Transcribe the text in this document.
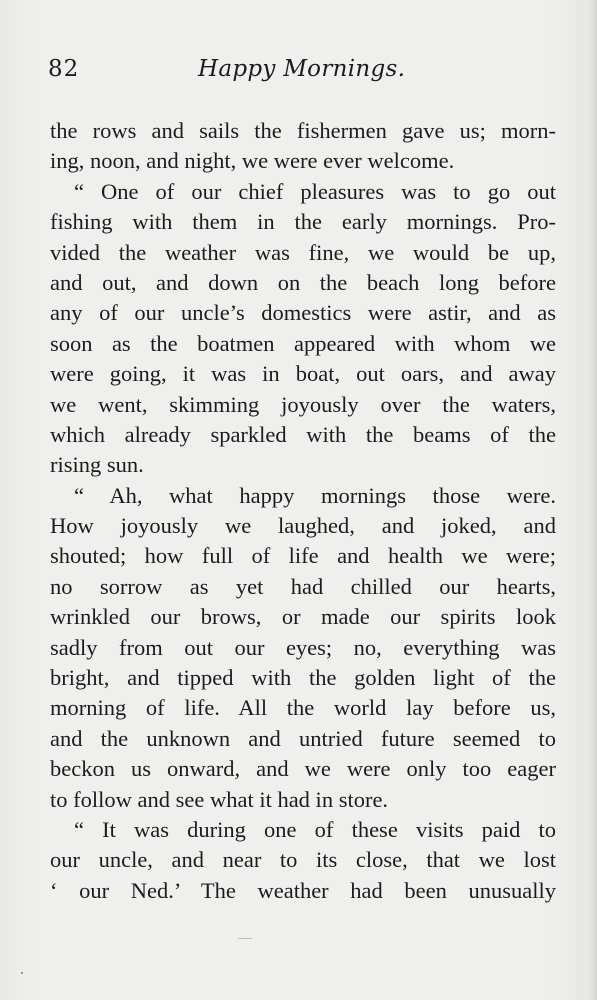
82	Happy Mornings.
the rows and sails the fishermen gave us; morn-
ing, noon, and night, we were ever welcome.
“ One of our chief pleasures was to go out
fishing with them in the early mornings. Pro-
vided the weather was fine, we would be up,
and out, and down on the beach long before
any of our uncle’s domestics were astir, and as
soon as the boatmen appeared with whom we
were going, it was in boat, out oars, and away
we went, skimming joyously over the waters,
which already sparkled with the beams of the
rising sun.
“ Ah, what happy mornings those were.
How joyously we laughed, and joked, and
shouted; how full of life and health we were;
no sorrow as yet had chilled our hearts,
wrinkled our brows, or made our spirits look
sadly from out our eyes; no, everything was
bright, and tipped with the golden light of the
morning of life. All the world lay before us,
and the unknown and untried future seemed to
beckon us onward, and we were only too eager
to follow and see what it had in store.
“ It was during one of these visits paid to
our uncle, and near to its close, that we lost
‘ our Ned.’ The weather had been unusually
